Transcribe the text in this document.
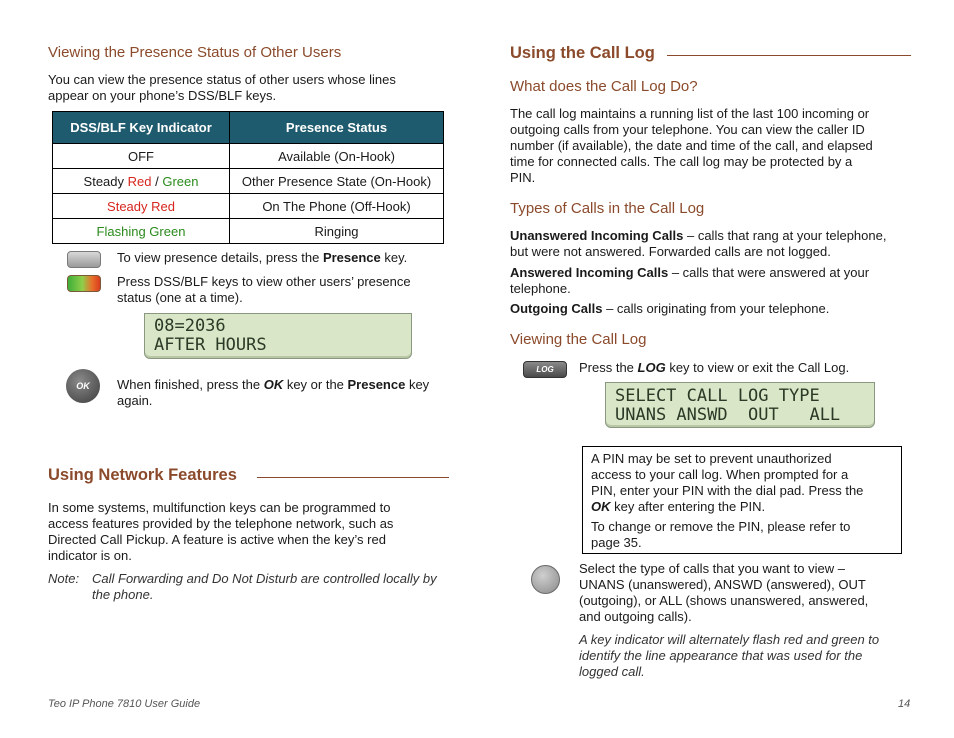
Viewing the Presence Status of Other Users
You can view the presence status of other users whose lines
appear on your phone’s DSS/BLF keys.
DSS/BLF Key Indicator	Presence Status
OFF	Available (On-Hook)
Steady Red / Green	Other Presence State (On-Hook)
Steady Red	On The Phone (Off-Hook)
Flashing Green	Ringing
To view presence details, press the Presence key.
Press DSS/BLF keys to view other users’ presence
status (one at a time).
08=2036
AFTER HOURS
OK When finished, press the OK key or the Presence key
again.
Using Network Features
In some systems, multifunction keys can be programmed to
access features provided by the telephone network, such as
Directed Call Pickup. A feature is active when the key’s red
indicator is on.
Note: Call Forwarding and Do Not Disturb are controlled locally by
the phone.
Using the Call Log
What does the Call Log Do?
The call log maintains a running list of the last 100 incoming or
outgoing calls from your telephone. You can view the caller ID
number (if available), the date and time of the call, and elapsed
time for connected calls. The call log may be protected by a
PIN.
Types of Calls in the Call Log
Unanswered Incoming Calls – calls that rang at your telephone,
but were not answered. Forwarded calls are not logged.
Answered Incoming Calls – calls that were answered at your
telephone.
Outgoing Calls – calls originating from your telephone.
Viewing the Call Log
LOG Press the LOG key to view or exit the Call Log.
SELECT CALL LOG TYPE
UNANS ANSWD  OUT   ALL
A PIN may be set to prevent unauthorized
access to your call log. When prompted for a
PIN, enter your PIN with the dial pad. Press the
OK key after entering the PIN.
To change or remove the PIN, please refer to
page 35.
Select the type of calls that you want to view –
UNANS (unanswered), ANSWD (answered), OUT
(outgoing), or ALL (shows unanswered, answered,
and outgoing calls).
A key indicator will alternately flash red and green to
identify the line appearance that was used for the
logged call.
Teo IP Phone 7810 User Guide	14
